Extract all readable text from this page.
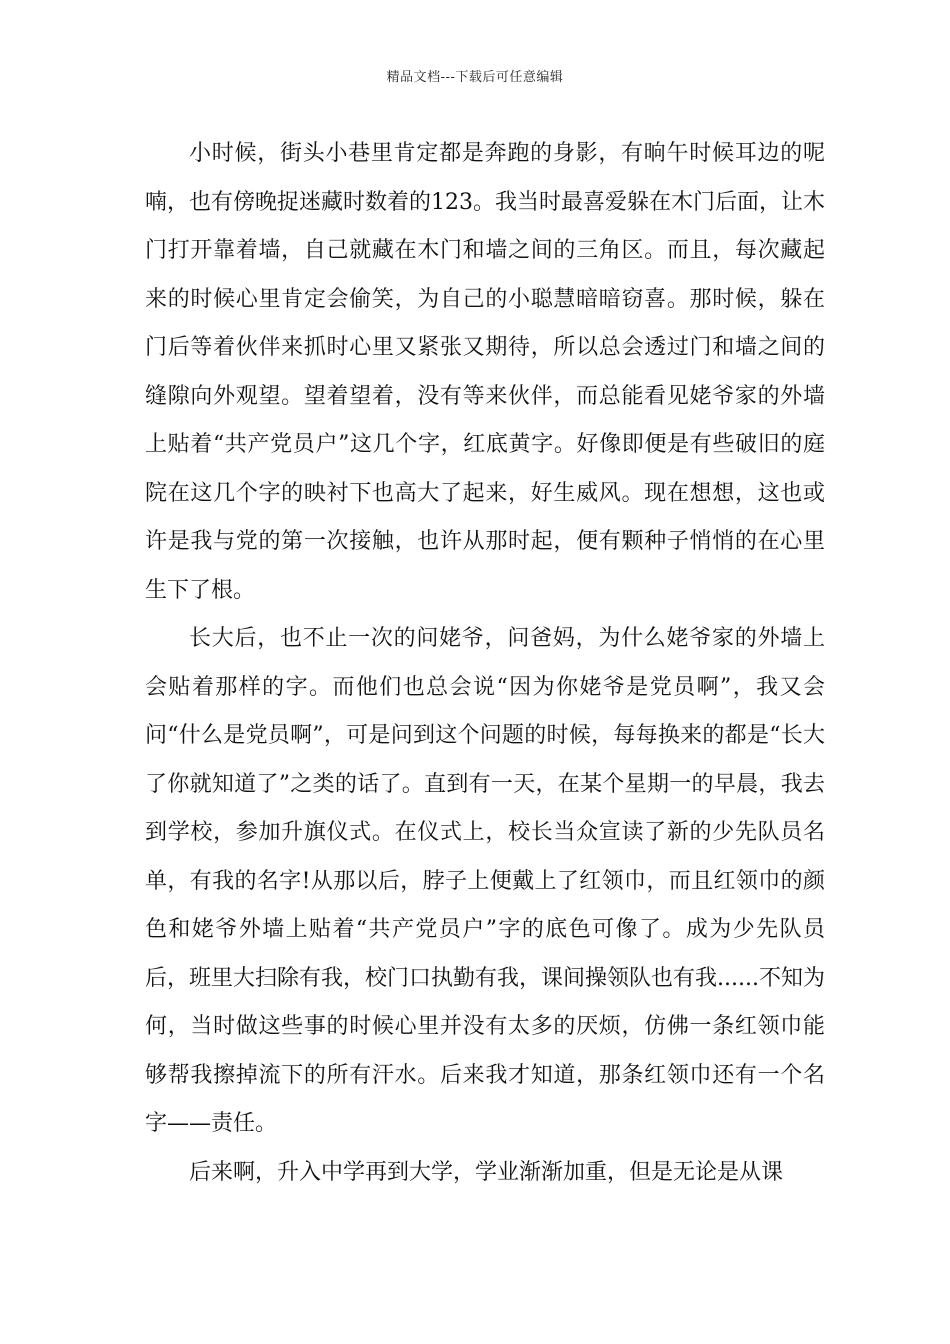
精品文档---下载后可任意编辑

小时候，街头小巷里肯定都是奔跑的身影，有晌午时候耳边的呢喃，也有傍晚捉迷藏时数着的123。我当时最喜爱躲在木门后面，让木门打开靠着墙，自己就藏在木门和墙之间的三角区。而且，每次藏起来的时候心里肯定会偷笑，为自己的小聪慧暗暗窃喜。那时候，躲在门后等着伙伴来抓时心里又紧张又期待，所以总会透过门和墙之间的缝隙向外观望。望着望着，没有等来伙伴，而总能看见姥爷家的外墙上贴着“共产党员户”这几个字，红底黄字。好像即便是有些破旧的庭院在这几个字的映衬下也高大了起来，好生威风。现在想想，这也或许是我与党的第一次接触，也许从那时起，便有颗种子悄悄的在心里生下了根。

长大后，也不止一次的问姥爷，问爸妈，为什么姥爷家的外墙上会贴着那样的字。而他们也总会说“因为你姥爷是党员啊”，我又会问“什么是党员啊”，可是问到这个问题的时候，每每换来的都是“长大了你就知道了”之类的话了。直到有一天，在某个星期一的早晨，我去到学校，参加升旗仪式。在仪式上，校长当众宣读了新的少先队员名单，有我的名字!从那以后，脖子上便戴上了红领巾，而且红领巾的颜色和姥爷外墙上贴着“共产党员户”字的底色可像了。成为少先队员后，班里大扫除有我，校门口执勤有我，课间操领队也有我......不知为何，当时做这些事的时候心里并没有太多的厌烦，仿佛一条红领巾能够帮我擦掉流下的所有汗水。后来我才知道，那条红领巾还有一个名字——责任。

后来啊，升入中学再到大学，学业渐渐加重，但是无论是从课
